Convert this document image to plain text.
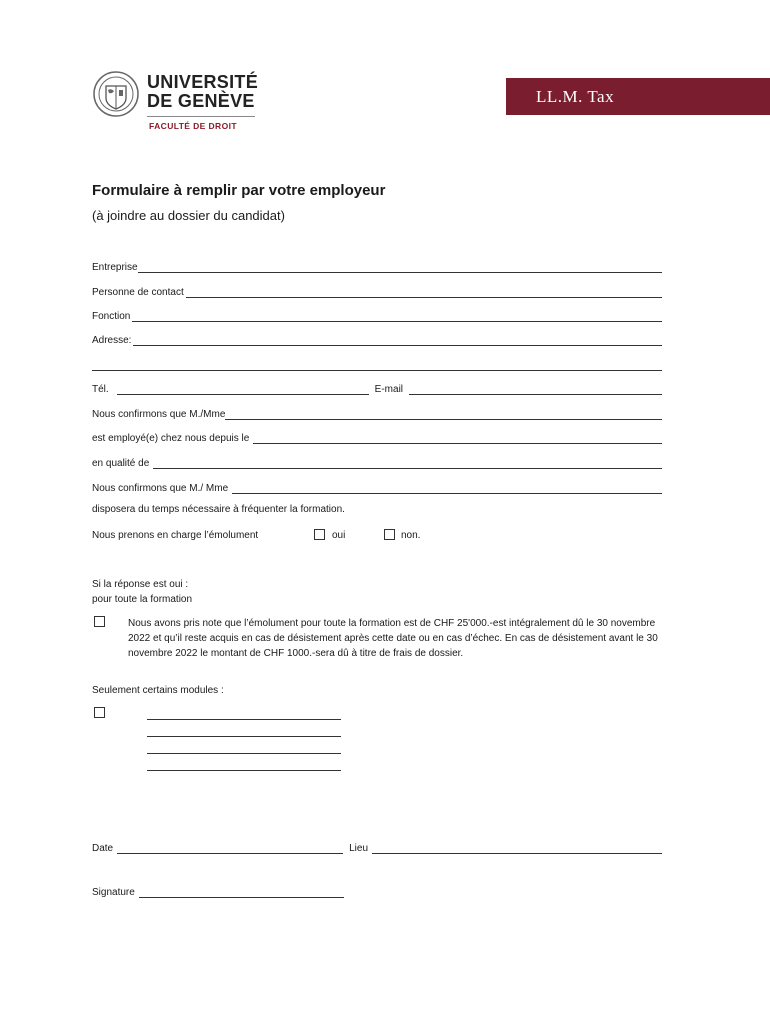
UNIVERSITÉ
DE GENÈVE
FACULTÉ DE DROIT
LL.M. Tax
Formulaire à remplir par votre employeur
(à joindre au dossier du candidat)
Entreprise
Personne de contact
Fonction
Adresse:
Tél.	E-mail
Nous confirmons que M./Mme
est employé(e) chez nous depuis le
en qualité de
Nous confirmons que M./ Mme
disposera du temps nécessaire à fréquenter la formation.
Nous prenons en charge l’émolument	oui	non.
Si la réponse est oui :
pour toute la formation
Nous avons pris note que l’émolument pour toute la formation est de CHF 25'000.-est intégralement dû le 30 novembre 2022 et qu’il reste acquis en cas de désistement après cette date ou en cas d’échec. En cas de désistement avant le 30 novembre 2022 le montant de CHF 1000.-sera dû à titre de frais de dossier.
Seulement certains modules :
Date	Lieu
Signature
